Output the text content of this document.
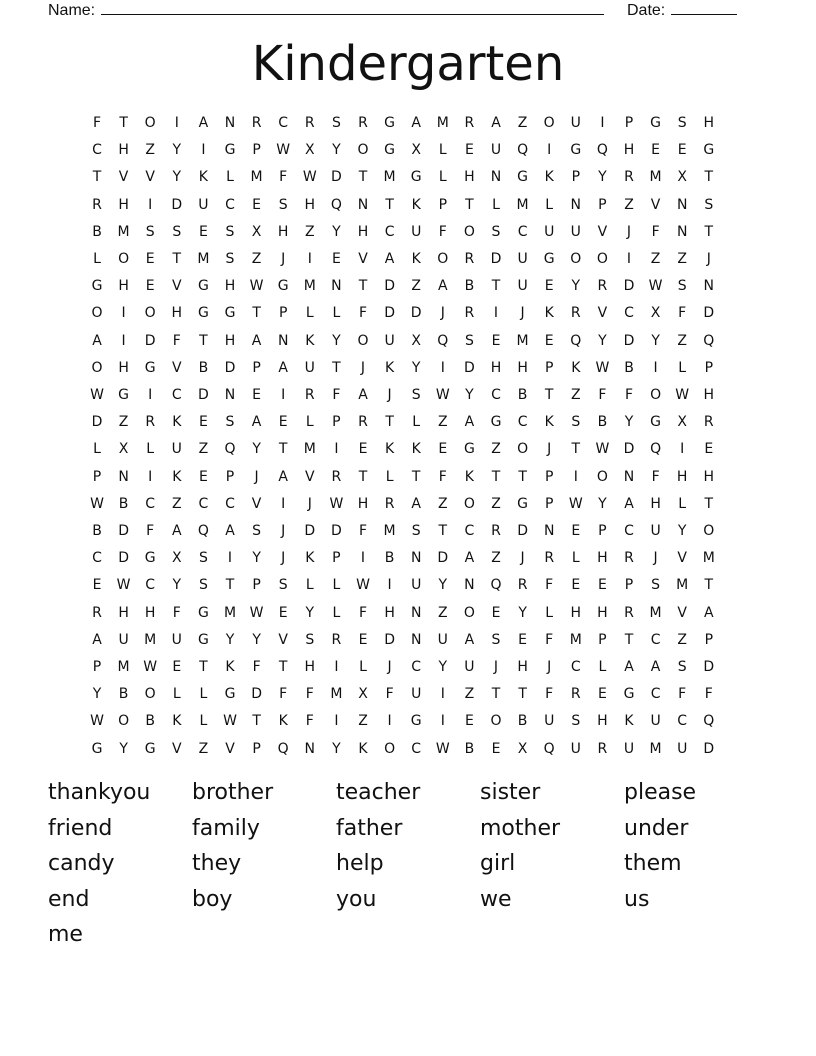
Name:	Date:
Kindergarten
F	T	O	I	A	N	R	C	R	S	R	G	A	M	R	A	Z	O	U	I	P	G	S	H
C	H	Z	Y	I	G	P	W	X	Y	O	G	X	L	E	U	Q	I	G	Q	H	E	E	G
T	V	V	Y	K	L	M	F	W	D	T	M	G	L	H	N	G	K	P	Y	R	M	X	T
R	H	I	D	U	C	E	S	H	Q	N	T	K	P	T	L	M	L	N	P	Z	V	N	S
B	M	S	S	E	S	X	H	Z	Y	H	C	U	F	O	S	C	U	U	V	J	F	N	T
L	O	E	T	M	S	Z	J	I	E	V	A	K	O	R	D	U	G	O	O	I	Z	Z	J
G	H	E	V	G	H	W	G	M	N	T	D	Z	A	B	T	U	E	Y	R	D	W	S	N
O	I	O	H	G	G	T	P	L	L	F	D	D	J	R	I	J	K	R	V	C	X	F	D
A	I	D	F	T	H	A	N	K	Y	O	U	X	Q	S	E	M	E	Q	Y	D	Y	Z	Q
O	H	G	V	B	D	P	A	U	T	J	K	Y	I	D	H	H	P	K	W	B	I	L	P
W	G	I	C	D	N	E	I	R	F	A	J	S	W	Y	C	B	T	Z	F	F	O	W	H
D	Z	R	K	E	S	A	E	L	P	R	T	L	Z	A	G	C	K	S	B	Y	G	X	R
L	X	L	U	Z	Q	Y	T	M	I	E	K	K	E	G	Z	O	J	T	W	D	Q	I	E
P	N	I	K	E	P	J	A	V	R	T	L	T	F	K	T	T	P	I	O	N	F	H	H
W	B	C	Z	C	C	V	I	J	W	H	R	A	Z	O	Z	G	P	W	Y	A	H	L	T
B	D	F	A	Q	A	S	J	D	D	F	M	S	T	C	R	D	N	E	P	C	U	Y	O
C	D	G	X	S	I	Y	J	K	P	I	B	N	D	A	Z	J	R	L	H	R	J	V	M
E	W	C	Y	S	T	P	S	L	L	W	I	U	Y	N	Q	R	F	E	E	P	S	M	T
R	H	H	F	G	M W	E	Y	L	F	H	N	Z	O	E	Y	L	H	H	R	M	V	A
A	U	M	U	G	Y	Y	V	S	R	E	D	N	U	A	S	E	F	M	P	T	C	Z	P
P	M W	E	T	K	F	T	H	I	L	J	C	Y	U	J	H	J	C	L	A	A	S	D
Y	B	O	L	L	G	D	F	F	M	X	F	U	I	Z	T	T	F	R	E	G	C	F	F
W	O	B	K	L	W	T	K	F	I	Z	I	G	I	E	O	B	U	S	H	K	U	C	Q
G	Y	G	V	Z	V	P	Q	N	Y	K	O	C	W	B	E	X	Q	U	R	U	M	U	D
thankyou	brother	teacher	sister	please
friend	family	father	mother	under
candy	they	help	girl	them
end	boy	you	we	us
me
